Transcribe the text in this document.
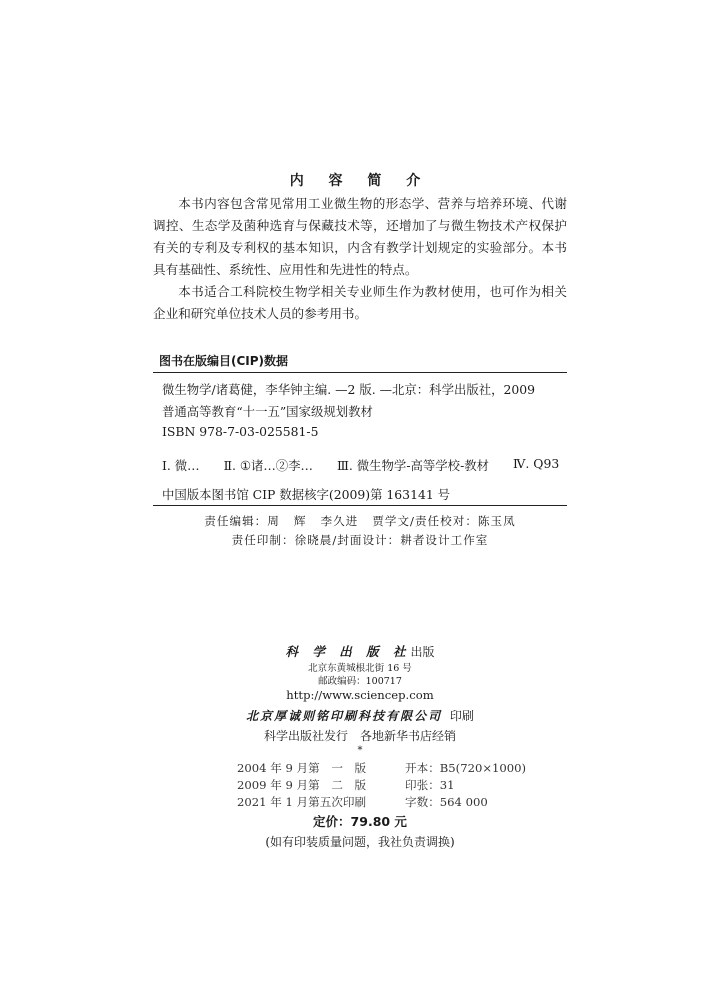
内 容 简 介

本书内容包含常见常用工业微生物的形态学、营养与培养环境、代谢调控、生态学及菌种选育与保藏技术等，还增加了与微生物技术产权保护有关的专利及专利权的基本知识，内含有教学计划规定的实验部分。本书具有基础性、系统性、应用性和先进性的特点。

本书适合工科院校生物学相关专业师生作为教材使用，也可作为相关企业和研究单位技术人员的参考用书。

图书在版编目(CIP)数据
微生物学/诸葛健，李华钟主编. —2 版. —北京：科学出版社，2009
普通高等教育“十一五”国家级规划教材
ISBN 978-7-03-025581-5
Ⅰ. 微… Ⅱ. ①诸…②李… Ⅲ. 微生物学-高等学校-教材 Ⅳ. Q93
中国版本图书馆 CIP 数据核字(2009)第 163141 号
责任编辑：周 辉 李久进 贾学文/责任校对：陈玉凤
责任印制：徐晓晨/封面设计：耕者设计工作室
科 学 出 版 社出版
北京东黄城根北街 16 号
邮政编码：100717
http://www.sciencep.com
北京厚诚则铭印刷科技有限公司 印刷
科学出版社发行 各地新华书店经销
*
2004 年 9 月第　一　版	开本：B5(720×1000)
2009 年 9 月第　二　版	印张：31
2021 年 1 月第五次印刷	字数：564 000
定价：79.80 元
(如有印装质量问题，我社负责调换)
